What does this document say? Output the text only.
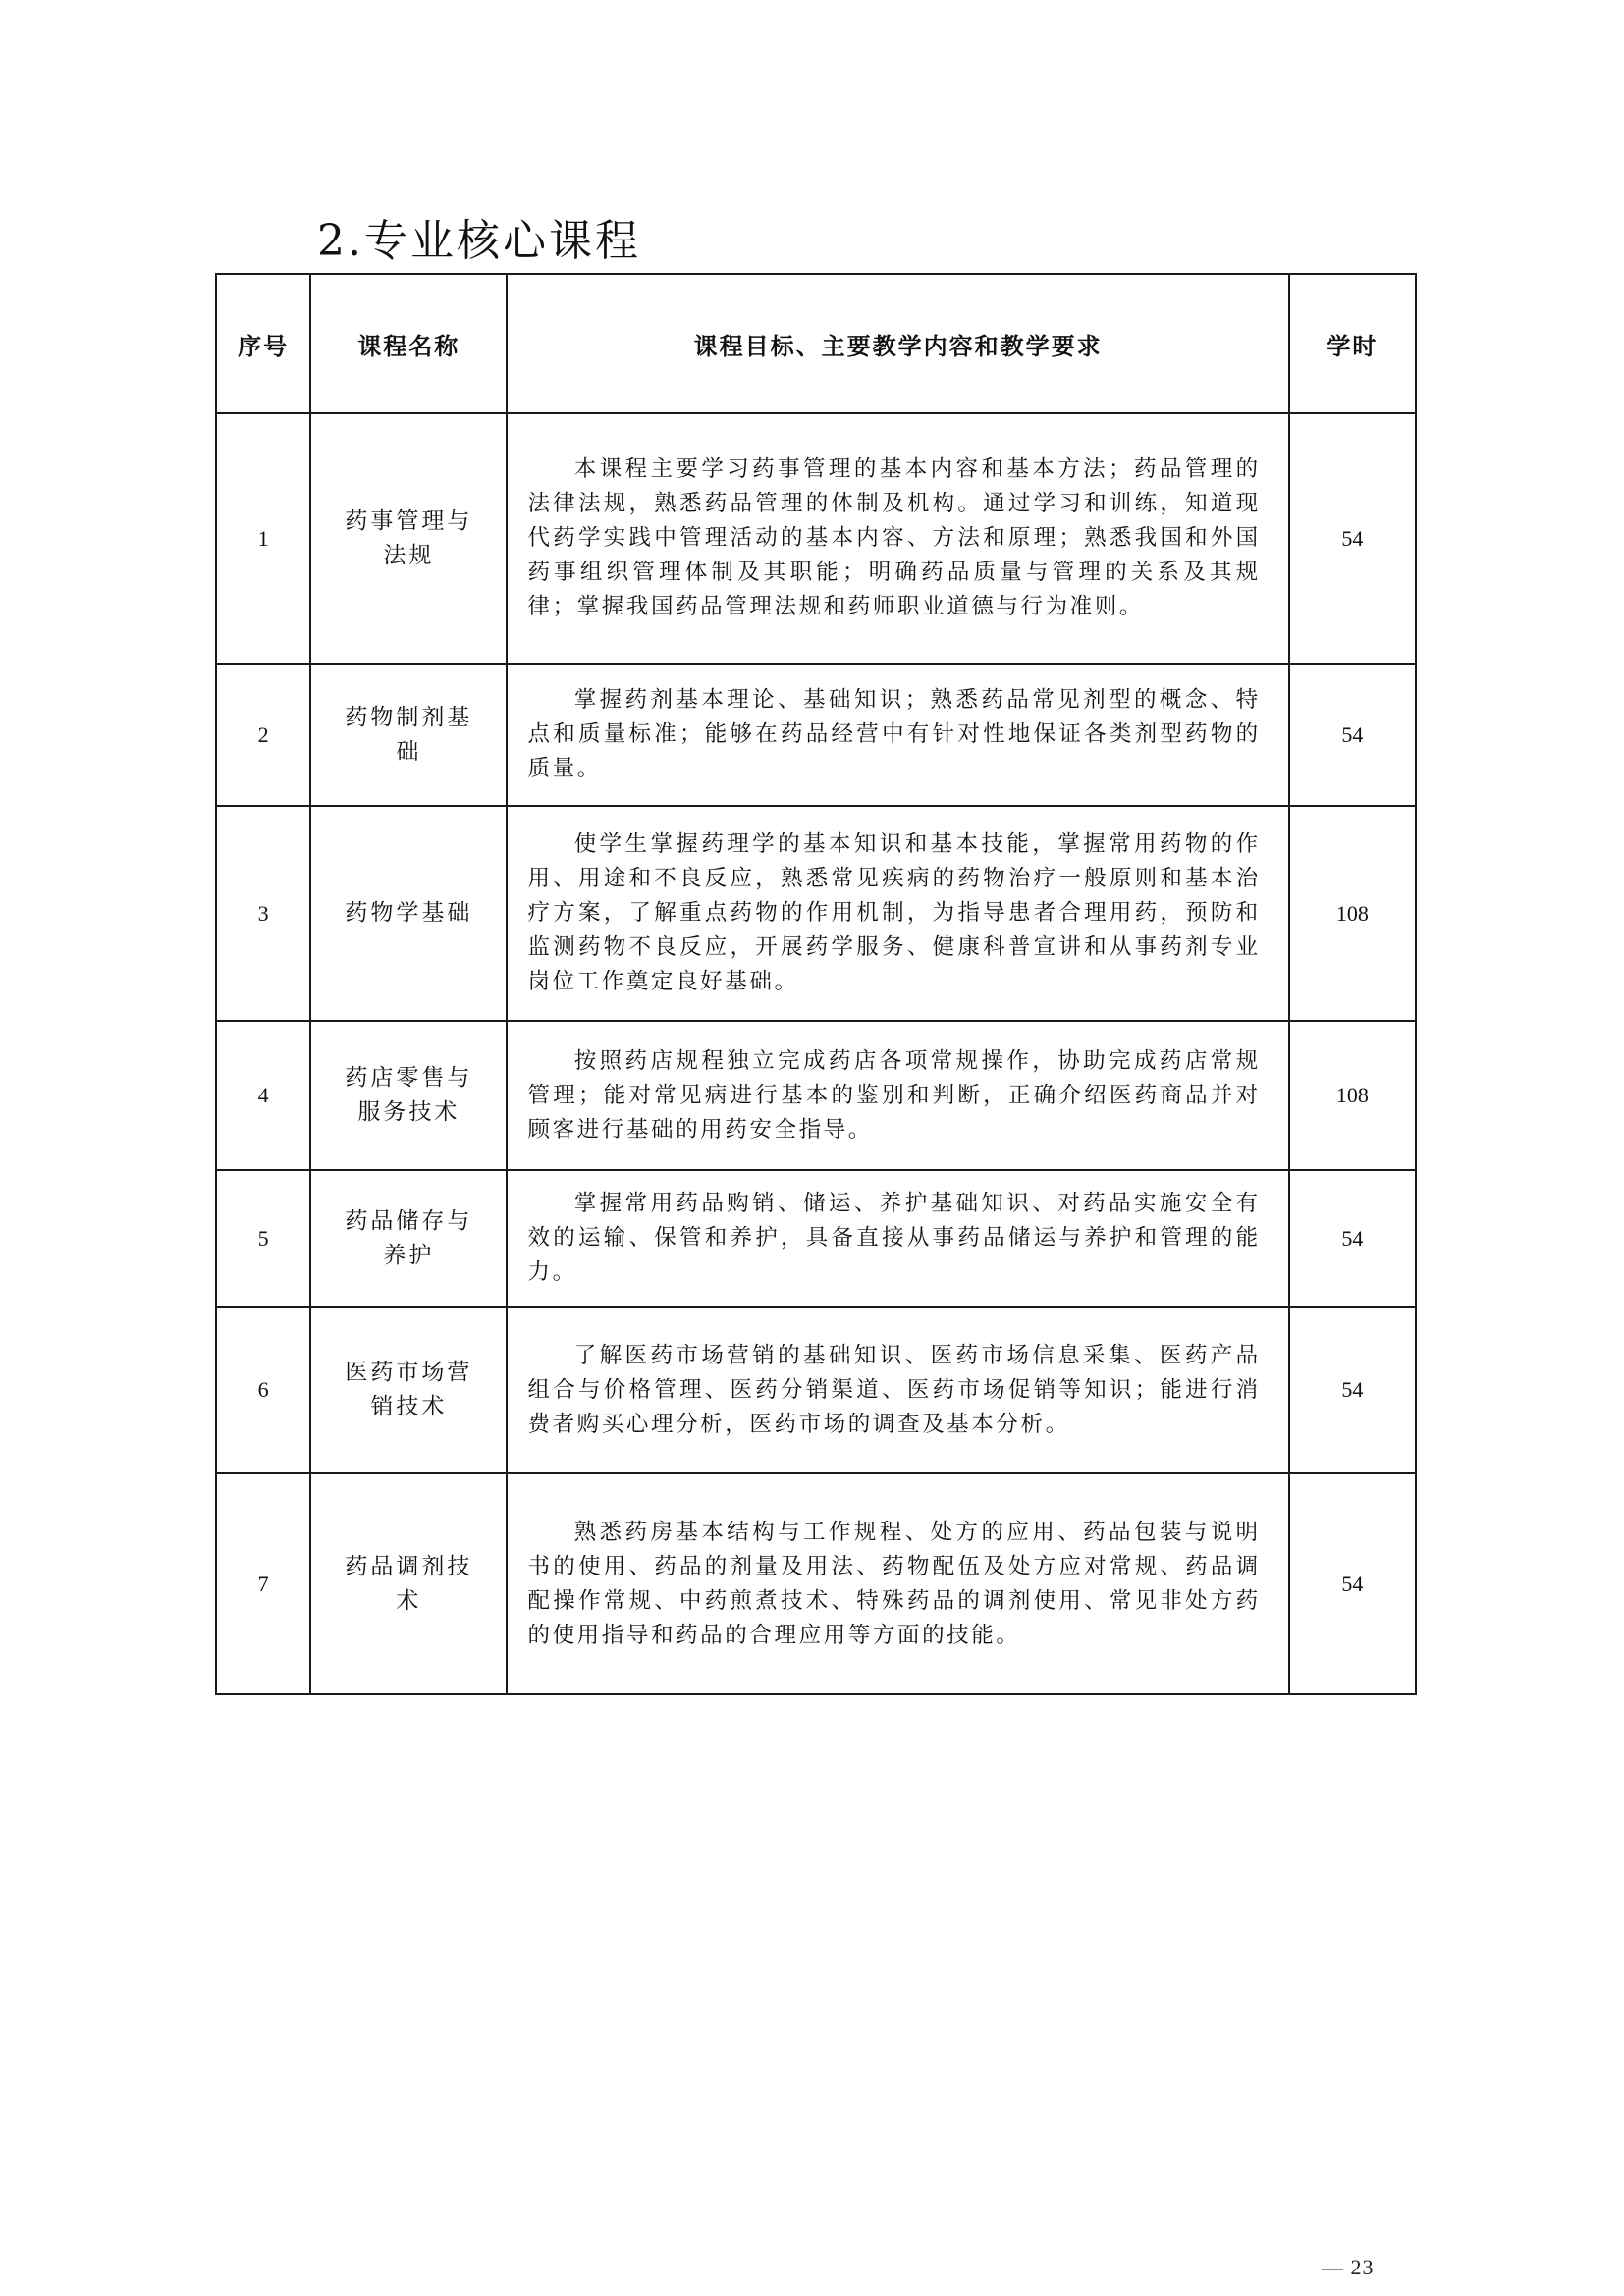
2.专业核心课程
序号	课程名称	课程目标、主要教学内容和教学要求	学时
1	药事管理与法规	本课程主要学习药事管理的基本内容和基本方法；药品管理的法律法规，熟悉药品管理的体制及机构。通过学习和训练，知道现代药学实践中管理活动的基本内容、方法和原理；熟悉我国和外国药事组织管理体制及其职能；明确药品质量与管理的关系及其规律；掌握我国药品管理法规和药师职业道德与行为准则。	54
2	药物制剂基础	掌握药剂基本理论、基础知识；熟悉药品常见剂型的概念、特点和质量标准；能够在药品经营中有针对性地保证各类剂型药物的质量。	54
3	药物学基础	使学生掌握药理学的基本知识和基本技能，掌握常用药物的作用、用途和不良反应，熟悉常见疾病的药物治疗一般原则和基本治疗方案，了解重点药物的作用机制，为指导患者合理用药，预防和监测药物不良反应，开展药学服务、健康科普宣讲和从事药剂专业岗位工作奠定良好基础。	108
4	药店零售与服务技术	按照药店规程独立完成药店各项常规操作，协助完成药店常规管理；能对常见病进行基本的鉴别和判断，正确介绍医药商品并对顾客进行基础的用药安全指导。	108
5	药品储存与养护	掌握常用药品购销、储运、养护基础知识、对药品实施安全有效的运输、保管和养护，具备直接从事药品储运与养护和管理的能力。	54
6	医药市场营销技术	了解医药市场营销的基础知识、医药市场信息采集、医药产品组合与价格管理、医药分销渠道、医药市场促销等知识；能进行消费者购买心理分析，医药市场的调查及基本分析。	54
7	药品调剂技术	熟悉药房基本结构与工作规程、处方的应用、药品包装与说明书的使用、药品的剂量及用法、药物配伍及处方应对常规、药品调配操作常规、中药煎煮技术、特殊药品的调剂使用、常见非处方药的使用指导和药品的合理应用等方面的技能。	54
— 23
